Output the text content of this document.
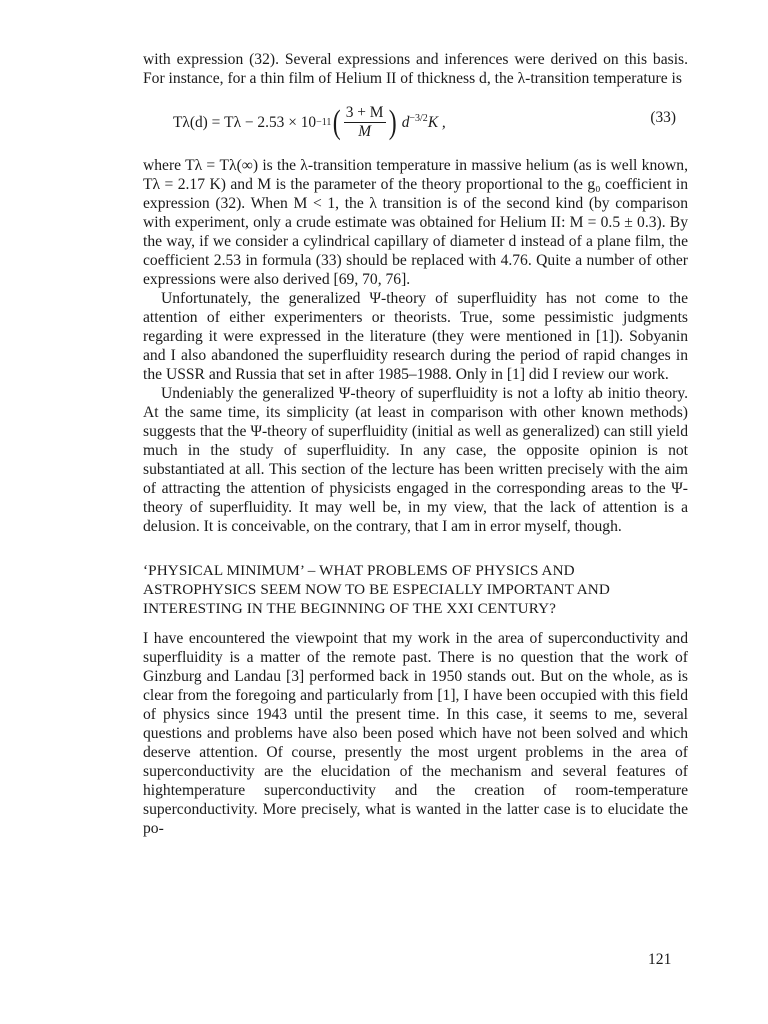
with expression (32). Several expressions and inferences were derived on this basis. For instance, for a thin film of Helium II of thickness d, the λ-transition temperature is

Tλ(d) = Tλ − 2.53 × 10 −11 ( $\frac{3 + M}{M}$ ) $d^{-3/2}K$ ,	(33)

where Tλ = Tλ(∞) is the λ-transition temperature in massive helium (as is well known, Tλ = 2.17 K) and M is the parameter of the theory proportional to the g₀ coefficient in expression (32). When M < 1, the λ transition is of the second kind (by comparison with experiment, only a crude estimate was obtained for Helium II: M = 0.5 ± 0.3). By the way, if we consider a cylindrical capillary of diameter d instead of a plane film, the coefficient 2.53 in formula (33) should be replaced with 4.76. Quite a number of other expressions were also derived [69, 70, 76].

Unfortunately, the generalized Ψ-theory of superfluidity has not come to the attention of either experimenters or theorists. True, some pessimistic judgments regarding it were expressed in the literature (they were mentioned in [1]). Sobyanin and I also abandoned the superfluidity research during the period of rapid changes in the USSR and Russia that set in after 1985–1988. Only in [1] did I review our work.

Undeniably the generalized Ψ-theory of superfluidity is not a lofty ab initio theory. At the same time, its simplicity (at least in comparison with other known methods) suggests that the Ψ-theory of superfluidity (initial as well as generalized) can still yield much in the study of superfluidity. In any case, the opposite opinion is not substantiated at all. This section of the lecture has been written precisely with the aim of attracting the attention of physicists engaged in the corresponding areas to the Ψ-theory of superfluidity. It may well be, in my view, that the lack of attention is a delusion. It is conceivable, on the contrary, that I am in error myself, though.

‘PHYSICAL MINIMUM’ – WHAT PROBLEMS OF PHYSICS AND ASTROPHYSICS SEEM NOW TO BE ESPECIALLY IMPORTANT AND INTERESTING IN THE BEGINNING OF THE XXI CENTURY?

I have encountered the viewpoint that my work in the area of superconductivity and superfluidity is a matter of the remote past. There is no question that the work of Ginzburg and Landau [3] performed back in 1950 stands out. But on the whole, as is clear from the foregoing and particularly from [1], I have been occupied with this field of physics since 1943 until the present time. In this case, it seems to me, several questions and problems have also been posed which have not been solved and which deserve attention. Of course, presently the most urgent problems in the area of superconductivity are the elucidation of the mechanism and several features of hightemperature superconductivity and the creation of room-temperature superconductivity. More precisely, what is wanted in the latter case is to elucidate the po-

121
